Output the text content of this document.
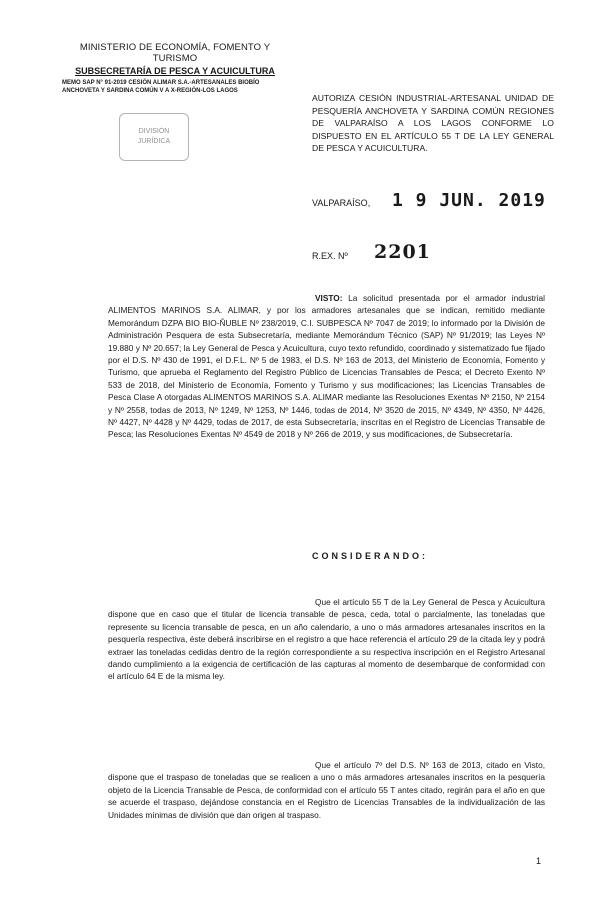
MINISTERIO DE ECONOMÍA, FOMENTO Y TURISMO
SUBSECRETARÍA DE PESCA Y ACUICULTURA
MEMO SAP N° 91-2019 CESIÓN ALIMAR S.A.-ARTESANALES BIOBÍO
ANCHOVETA Y SARDINA COMÚN V A X-REGIÓN-LOS LAGOS
DIVISIÓN
JURÍDICA
AUTORIZA CESIÓN INDUSTRIAL-ARTESANAL UNIDAD DE PESQUERÍA ANCHOVETA Y SARDINA COMÚN REGIONES DE VALPARAÍSO A LOS LAGOS CONFORME LO DISPUESTO EN EL ARTÍCULO 55 T DE LA LEY GENERAL DE PESCA Y ACUICULTURA.
VALPARAÍSO, 1 9 JUN. 2019
R.EX. Nº 2201
VISTO: La solicitud presentada por el armador industrial ALIMENTOS MARINOS S.A. ALIMAR, y por los armadores artesanales que se indican, remitido mediante Memorándum DZPA BIO BIO-ÑUBLE Nº 238/2019, C.I. SUBPESCA Nº 7047 de 2019; lo informado por la División de Administración Pesquera de esta Subsecretaría, mediante Memorándum Técnico (SAP) Nº 91/2019; las Leyes Nº 19.880 y Nº 20.657; la Ley General de Pesca y Acuicultura, cuyo texto refundido, coordinado y sistematizado fue fijado por el D.S. Nº 430 de 1991, el D.F.L. Nº 5 de 1983, el D.S. Nº 163 de 2013, del Ministerio de Economía, Fomento y Turismo, que aprueba el Reglamento del Registro Público de Licencias Transables de Pesca; el Decreto Exento Nº 533 de 2018, del Ministerio de Economía, Fomento y Turismo y sus modificaciones; las Licencias Transables de Pesca Clase A otorgadas ALIMENTOS MARINOS S.A. ALIMAR mediante las Resoluciones Exentas Nº 2150, Nº 2154 y Nº 2558, todas de 2013, Nº 1249, Nº 1253, Nº 1446, todas de 2014, Nº 3520 de 2015, Nº 4349, Nº 4350, Nº 4426, Nº 4427, Nº 4428 y Nº 4429, todas de 2017, de esta Subsecretaría, inscritas en el Registro de Licencias Transable de Pesca; las Resoluciones Exentas Nº 4549 de 2018 y Nº 266 de 2019, y sus modificaciones, de Subsecretaría.
CONSIDERANDO:
Que el artículo 55 T de la Ley General de Pesca y Acuicultura dispone que en caso que el titular de licencia transable de pesca, ceda, total o parcialmente, las toneladas que represente su licencia transable de pesca, en un año calendario, a uno o más armadores artesanales inscritos en la pesquería respectiva, éste deberá inscribirse en el registro a que hace referencia el artículo 29 de la citada ley y podrá extraer las toneladas cedidas dentro de la región correspondiente a su respectiva inscripción en el Registro Artesanal dando cumplimiento a la exigencia de certificación de las capturas al momento de desembarque de conformidad con el artículo 64 E de la misma ley.
Que el artículo 7º del D.S. Nº 163 de 2013, citado en Visto, dispone que el traspaso de toneladas que se realicen a uno o más armadores artesanales inscritos en la pesquería objeto de la Licencia Transable de Pesca, de conformidad con el artículo 55 T antes citado, regirán para el año en que se acuerde el traspaso, dejándose constancia en el Registro de Licencias Transables de la individualización de las Unidades mínimas de división que dan origen al traspaso.
1
